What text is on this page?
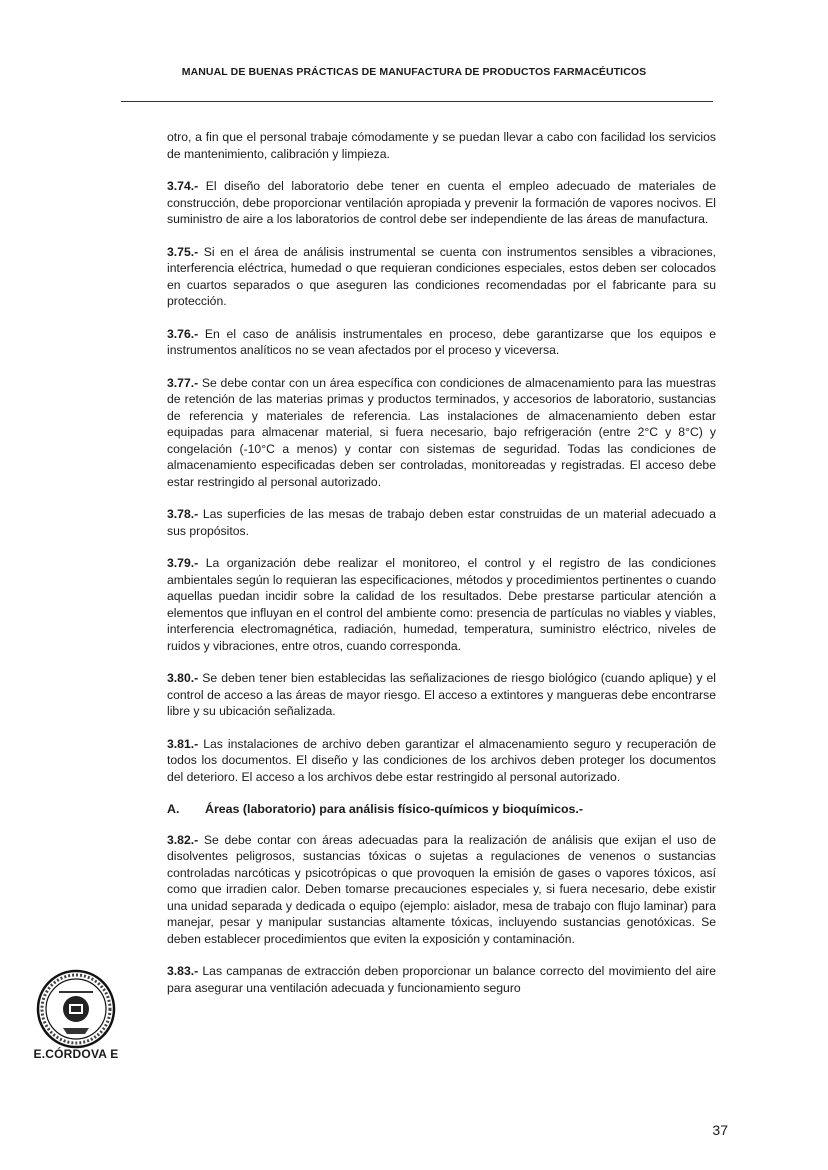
MANUAL DE BUENAS PRÁCTICAS DE MANUFACTURA DE PRODUCTOS FARMACÉUTICOS

otro, a fin que el personal trabaje cómodamente y se puedan llevar a cabo con facilidad los servicios de mantenimiento, calibración y limpieza.

3.74.- El diseño del laboratorio debe tener en cuenta el empleo adecuado de materiales de construcción, debe proporcionar ventilación apropiada y prevenir la formación de vapores nocivos. El suministro de aire a los laboratorios de control debe ser independiente de las áreas de manufactura.

3.75.- Si en el área de análisis instrumental se cuenta con instrumentos sensibles a vibraciones, interferencia eléctrica, humedad o que requieran condiciones especiales, estos deben ser colocados en cuartos separados o que aseguren las condiciones recomendadas por el fabricante para su protección.

3.76.- En el caso de análisis instrumentales en proceso, debe garantizarse que los equipos e instrumentos analíticos no se vean afectados por el proceso y viceversa.

3.77.- Se debe contar con un área específica con condiciones de almacenamiento para las muestras de retención de las materias primas y productos terminados, y accesorios de laboratorio, sustancias de referencia y materiales de referencia. Las instalaciones de almacenamiento deben estar equipadas para almacenar material, si fuera necesario, bajo refrigeración (entre 2°C y 8°C) y congelación (-10°C a menos) y contar con sistemas de seguridad. Todas las condiciones de almacenamiento especificadas deben ser controladas, monitoreadas y registradas. El acceso debe estar restringido al personal autorizado.

3.78.- Las superficies de las mesas de trabajo deben estar construidas de un material adecuado a sus propósitos.

3.79.- La organización debe realizar el monitoreo, el control y el registro de las condiciones ambientales según lo requieran las especificaciones, métodos y procedimientos pertinentes o cuando aquellas puedan incidir sobre la calidad de los resultados. Debe prestarse particular atención a elementos que influyan en el control del ambiente como: presencia de partículas no viables y viables, interferencia electromagnética, radiación, humedad, temperatura, suministro eléctrico, niveles de ruidos y vibraciones, entre otros, cuando corresponda.

3.80.- Se deben tener bien establecidas las señalizaciones de riesgo biológico (cuando aplique) y el control de acceso a las áreas de mayor riesgo. El acceso a extintores y mangueras debe encontrarse libre y su ubicación señalizada.

3.81.- Las instalaciones de archivo deben garantizar el almacenamiento seguro y recuperación de todos los documentos. El diseño y las condiciones de los archivos deben proteger los documentos del deterioro. El acceso a los archivos debe estar restringido al personal autorizado.

A.	Áreas (laboratorio) para análisis físico-químicos y bioquímicos.-

3.82.- Se debe contar con áreas adecuadas para la realización de análisis que exijan el uso de disolventes peligrosos, sustancias tóxicas o sujetas a regulaciones de venenos o sustancias controladas narcóticas y psicotrópicas o que provoquen la emisión de gases o vapores tóxicos, así como que irradien calor. Deben tomarse precauciones especiales y, si fuera necesario, debe existir una unidad separada y dedicada o equipo (ejemplo: aislador, mesa de trabajo con flujo laminar) para manejar, pesar y manipular sustancias altamente tóxicas, incluyendo sustancias genotóxicas. Se deben establecer procedimientos que eviten la exposición y contaminación.

3.83.- Las campanas de extracción deben proporcionar un balance correcto del movimiento del aire para asegurar una ventilación adecuada y funcionamiento seguro

E.CÓRDOVA E
37
